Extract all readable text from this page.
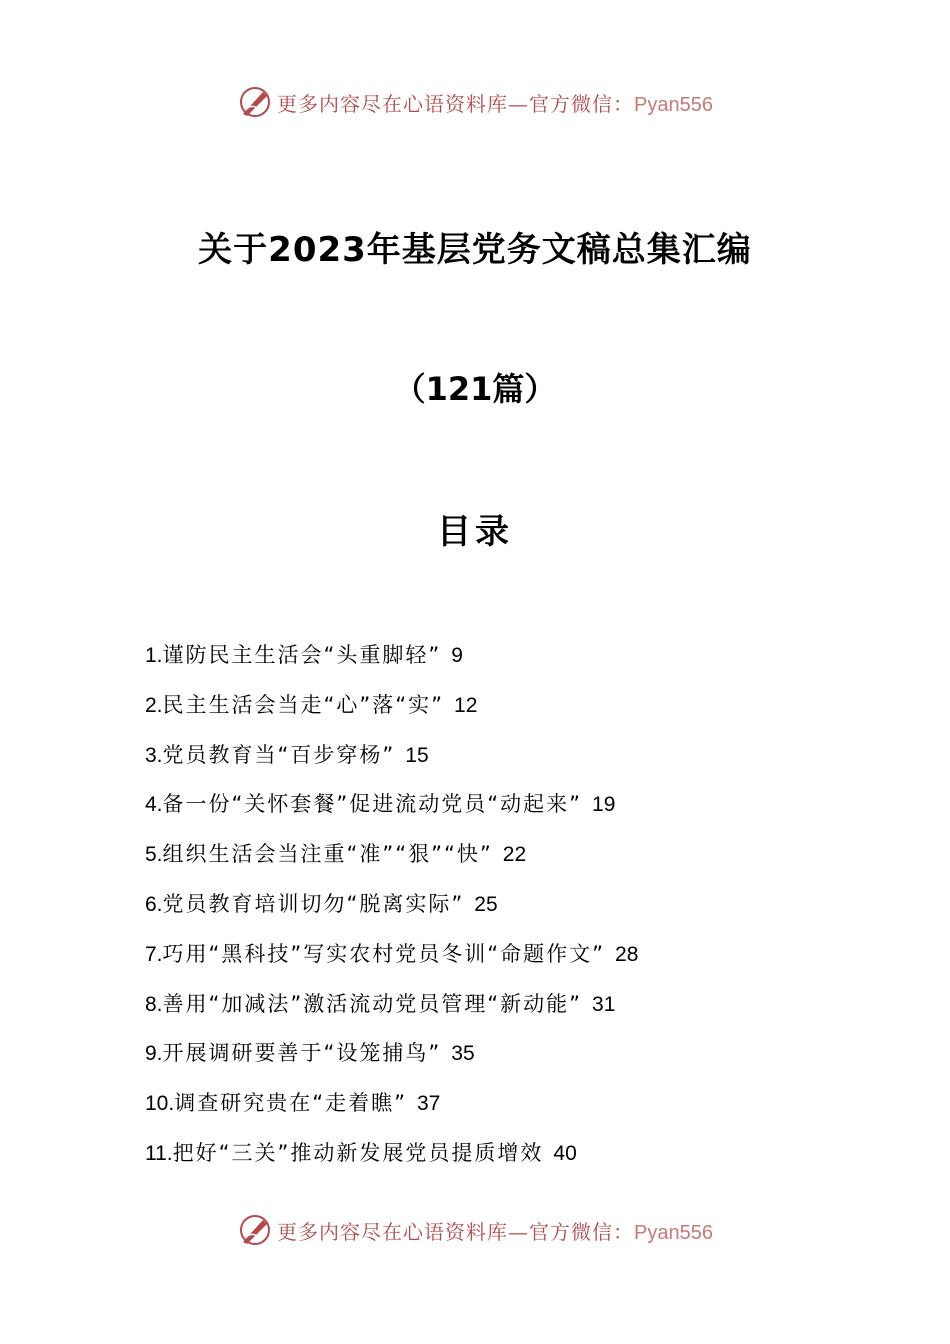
更多内容尽在心语资料库—官方微信：Pyan556
关于2023年基层党务文稿总集汇编
（121篇）
目录
1.谨防民主生活会“头重脚轻” 9
2.民主生活会当走“心”落“实” 12
3.党员教育当“百步穿杨” 15
4.备一份“关怀套餐”促进流动党员“动起来” 19
5.组织生活会当注重“准”“狠”“快” 22
6.党员教育培训切勿“脱离实际” 25
7.巧用“黑科技”写实农村党员冬训“命题作文” 28
8.善用“加减法”激活流动党员管理“新动能” 31
9.开展调研要善于“设笼捕鸟” 35
10.调查研究贵在“走着瞧” 37
11.把好“三关”推动新发展党员提质增效 40
更多内容尽在心语资料库—官方微信：Pyan556
